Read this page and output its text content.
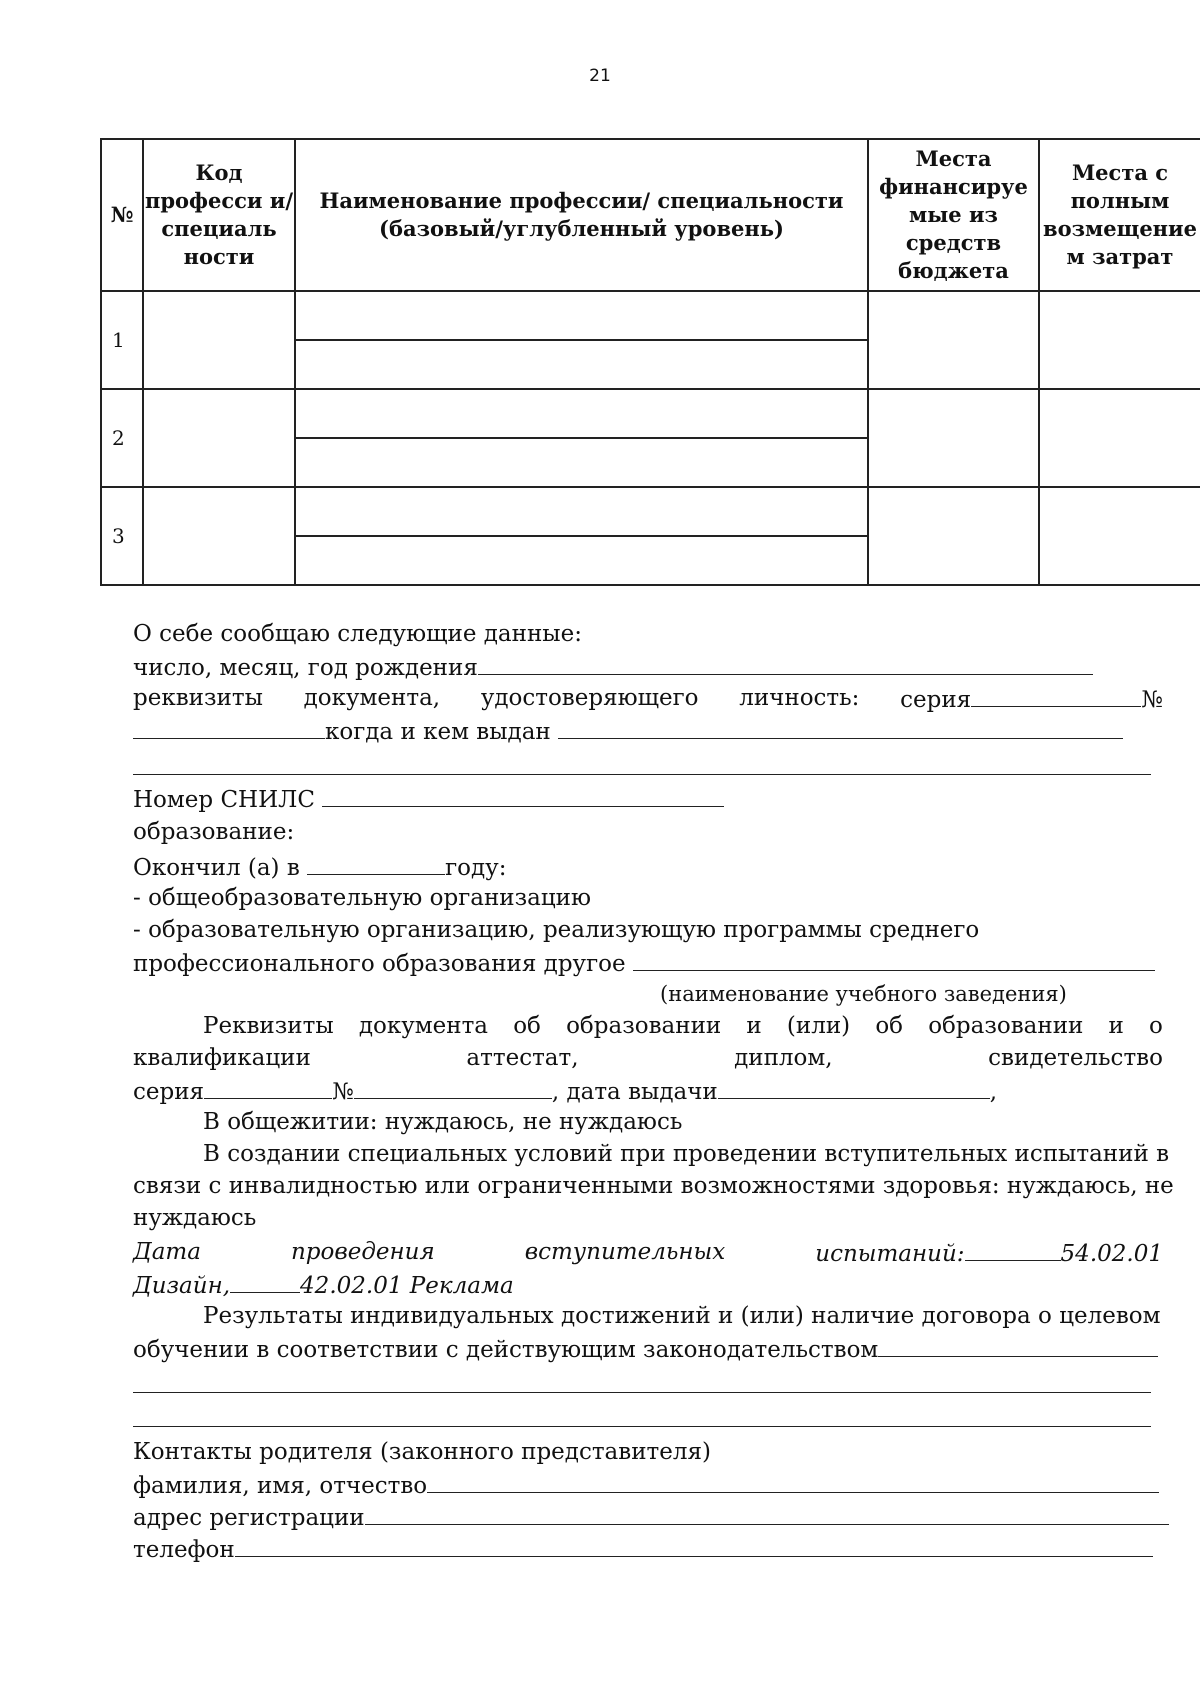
21
№	Код професси и/ специаль ности	Наименование профессии/ специальности (базовый/углубленный уровень)	Места финансируе мые из средств бюджета	Места с полным возмещение м затрат
1		

2		

3		

О себе сообщаю следующие данные:
число, месяц, год рождения
реквизиты документа, удостоверяющего личность: серия	№
когда и кем выдан
Номер СНИЛС
образование:
Окончил (а) в	году:
- общеобразовательную организацию
- образовательную организацию, реализующую программы среднего
профессионального образования другое
(наименование учебного заведения)
Реквизиты документа об образовании и (или) об образовании и о
квалификации	аттестат,	диплом,	свидетельство
серия	№	, дата выдачи	,
В общежитии: нуждаюсь, не нуждаюсь
В создании специальных условий при проведении вступительных испытаний в
связи с инвалидностью или ограниченными возможностями здоровья: нуждаюсь, не
нуждаюсь
Дата	проведения	вступительных	испытаний:	54.02.01
Дизайн,	42.02.01 Реклама
Результаты индивидуальных достижений и (или) наличие договора о целевом
обучении в соответствии с действующим законодательством
Контакты родителя (законного представителя)
фамилия, имя, отчество
адрес регистрации
телефон
